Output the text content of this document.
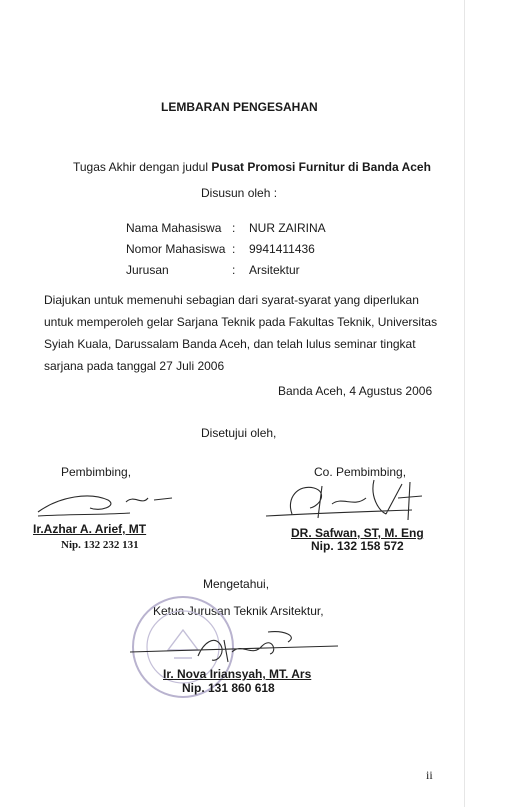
LEMBARAN PENGESAHAN
Tugas Akhir dengan judul Pusat Promosi Furnitur di Banda Aceh
Disusun oleh :
Nama Mahasiswa : NUR ZAIRINA
Nomor Mahasiswa : 9941411436
Jurusan	: Arsitektur
Diajukan untuk memenuhi sebagian dari syarat-syarat yang diperlukan
untuk memperoleh gelar Sarjana Teknik pada Fakultas Teknik, Universitas
Syiah Kuala, Darussalam Banda Aceh, dan telah lulus seminar tingkat
sarjana pada tanggal 27 Juli 2006
Banda Aceh, 4 Agustus 2006
Disetujui oleh,
Pembimbing,	Co. Pembimbing,
Ir.Azhar A. Arief, MT
Nip. 132 232 131
DR. Safwan, ST, M. Eng
Nip. 132 158 572
Mengetahui,
Ketua Jurusan Teknik Arsitektur,
Ir. Nova Iriansyah, MT. Ars
Nip. 131 860 618
ii
